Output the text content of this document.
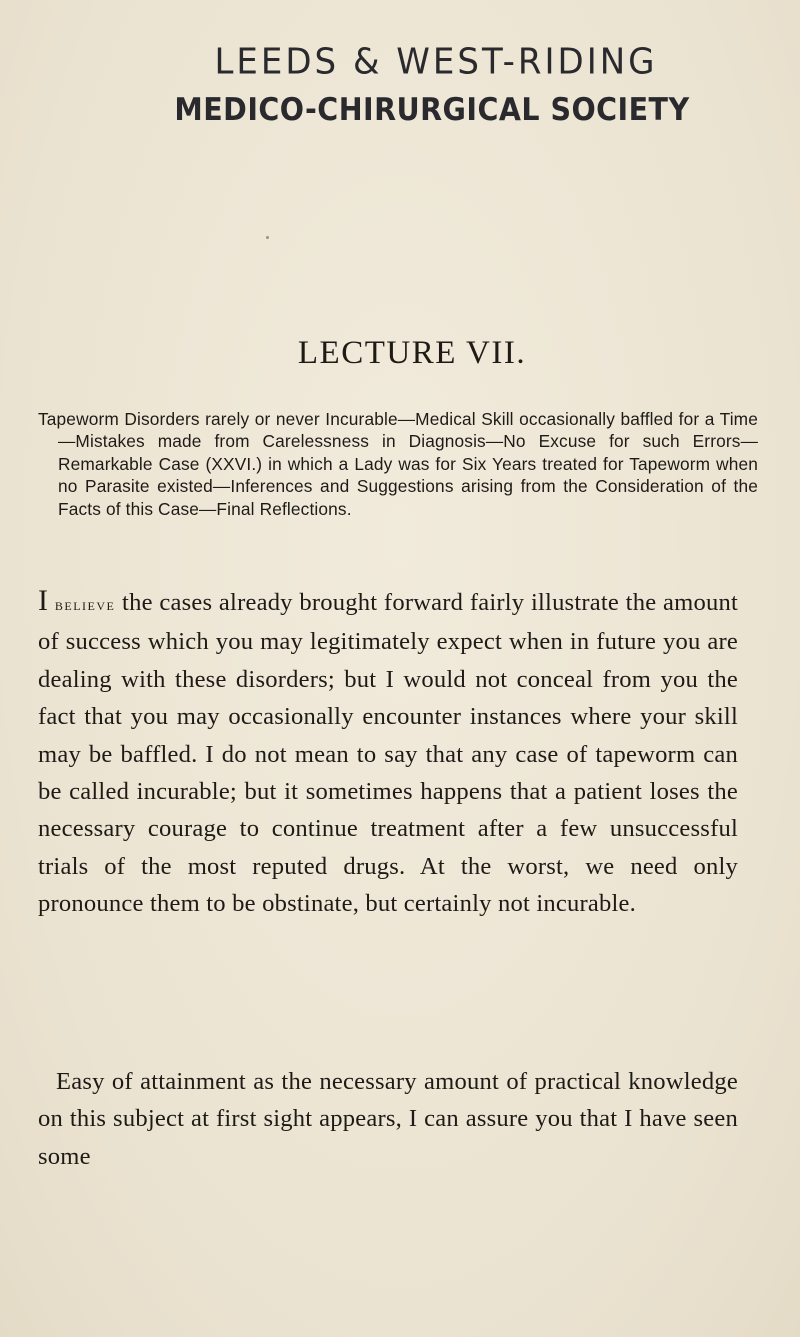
LEEDS & WEST-RIDING
MEDICO-CHIRURGICAL SOCIETY
LECTURE VII.
Tapeworm Disorders rarely or never Incurable—Medical Skill occasionally baffled for a Time—Mistakes made from Carelessness in Diagnosis—No Excuse for such Errors—Remarkable Case (XXVI.) in which a Lady was for Six Years treated for Tapeworm when no Parasite existed—Inferences and Suggestions arising from the Consideration of the Facts of this Case—Final Reflections.
I believe the cases already brought forward fairly illustrate the amount of success which you may legitimately expect when in future you are dealing with these disorders; but I would not conceal from you the fact that you may occasionally encounter instances where your skill may be baffled. I do not mean to say that any case of tapeworm can be called incurable; but it sometimes happens that a patient loses the necessary courage to continue treatment after a few unsuccessful trials of the most reputed drugs. At the worst, we need only pronounce them to be obstinate, but certainly not incurable.
Easy of attainment as the necessary amount of practical knowledge on this subject at first sight appears, I can assure you that I have seen some
